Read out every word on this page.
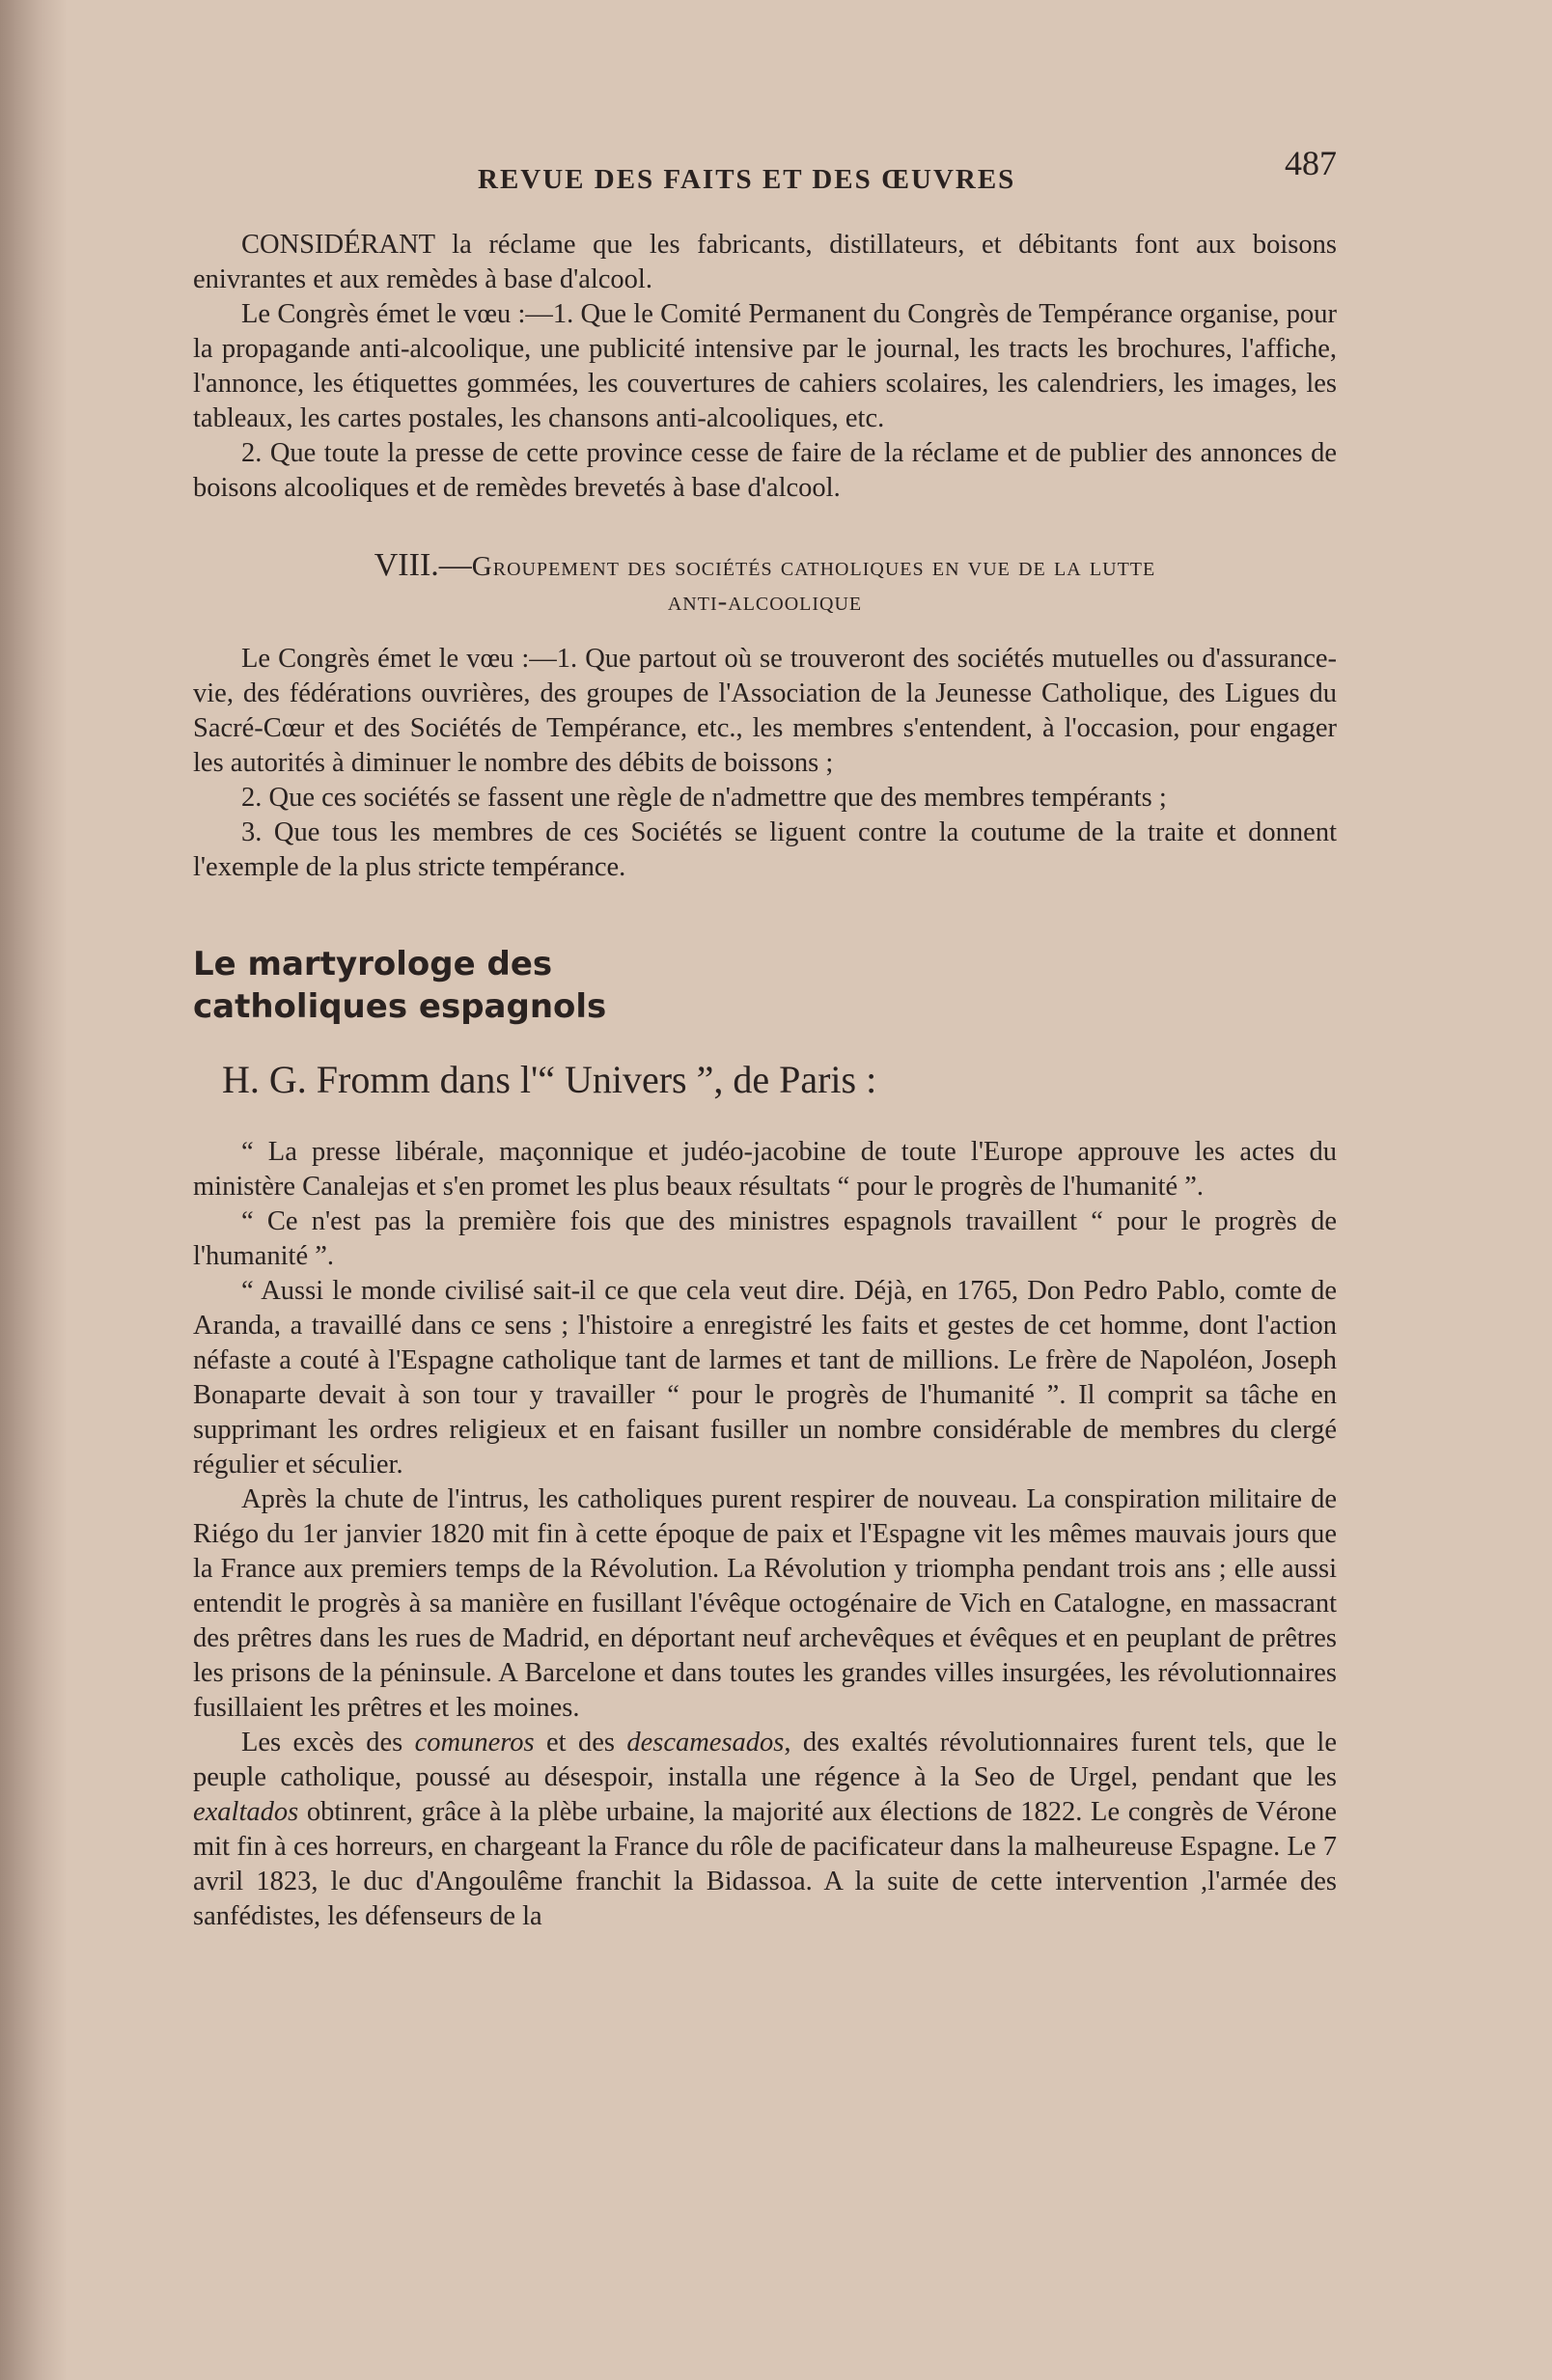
REVUE DES FAITS ET DES ŒUVRES	487

CONSIDÉRANT la réclame que les fabricants, distillateurs, et débitants font aux boisons enivrantes et aux remèdes à base d'alcool.

Le Congrès émet le vœu :—1. Que le Comité Permanent du Congrès de Tempérance organise, pour la propagande anti-alcoolique, une publicité intensive par le journal, les tracts les brochures, l'affiche, l'annonce, les étiquettes gommées, les couvertures de cahiers scolaires, les calendriers, les images, les tableaux, les cartes postales, les chansons anti-alcooliques, etc.

2. Que toute la presse de cette province cesse de faire de la réclame et de publier des annonces de boisons alcooliques et de remèdes brevetés à base d'alcool.

VIII.—Groupement des sociétés catholiques en vue de la lutte
anti-alcoolique

Le Congrès émet le vœu :—1. Que partout où se trouveront des sociétés mutuelles ou d'assurance-vie, des fédérations ouvrières, des groupes de l'Association de la Jeunesse Catholique, des Ligues du Sacré-Cœur et des Sociétés de Tempérance, etc., les membres s'entendent, à l'occasion, pour engager les autorités à diminuer le nombre des débits de boissons ;

2. Que ces sociétés se fassent une règle de n'admettre que des membres tempérants ;

3. Que tous les membres de ces Sociétés se liguent contre la coutume de la traite et donnent l'exemple de la plus stricte tempérance.

Le martyrologe des
catholiques espagnols
H. G. Fromm dans l'“ Univers ”, de Paris :

“ La presse libérale, maçonnique et judéo-jacobine de toute l'Europe approuve les actes du ministère Canalejas et s'en promet les plus beaux résultats “ pour le progrès de l'humanité ”.

“ Ce n'est pas la première fois que des ministres espagnols travaillent “ pour le progrès de l'humanité ”.

“ Aussi le monde civilisé sait-il ce que cela veut dire. Déjà, en 1765, Don Pedro Pablo, comte de Aranda, a travaillé dans ce sens ; l'histoire a enregistré les faits et gestes de cet homme, dont l'action néfaste a couté à l'Espagne catholique tant de larmes et tant de millions. Le frère de Napoléon, Joseph Bonaparte devait à son tour y travailler “ pour le progrès de l'humanité ”. Il comprit sa tâche en supprimant les ordres religieux et en faisant fusiller un nombre considérable de membres du clergé régulier et séculier.

Après la chute de l'intrus, les catholiques purent respirer de nouveau. La conspiration militaire de Riégo du 1er janvier 1820 mit fin à cette époque de paix et l'Espagne vit les mêmes mauvais jours que la France aux premiers temps de la Révolution. La Révolution y triompha pendant trois ans ; elle aussi entendit le progrès à sa manière en fusillant l'évêque octogénaire de Vich en Catalogne, en massacrant des prêtres dans les rues de Madrid, en déportant neuf archevêques et évêques et en peuplant de prêtres les prisons de la péninsule. A Barcelone et dans toutes les grandes villes insurgées, les révolutionnaires fusillaient les prêtres et les moines.

Les excès des comuneros et des descamesados, des exaltés révolutionnaires furent tels, que le peuple catholique, poussé au désespoir, installa une régence à la Seo de Urgel, pendant que les exaltados obtinrent, grâce à la plèbe urbaine, la majorité aux élections de 1822. Le congrès de Vérone mit fin à ces horreurs, en chargeant la France du rôle de pacificateur dans la malheureuse Espagne. Le 7 avril 1823, le duc d'Angoulême franchit la Bidassoa. A la suite de cette intervention ,l'armée des sanfédistes, les défenseurs de la
